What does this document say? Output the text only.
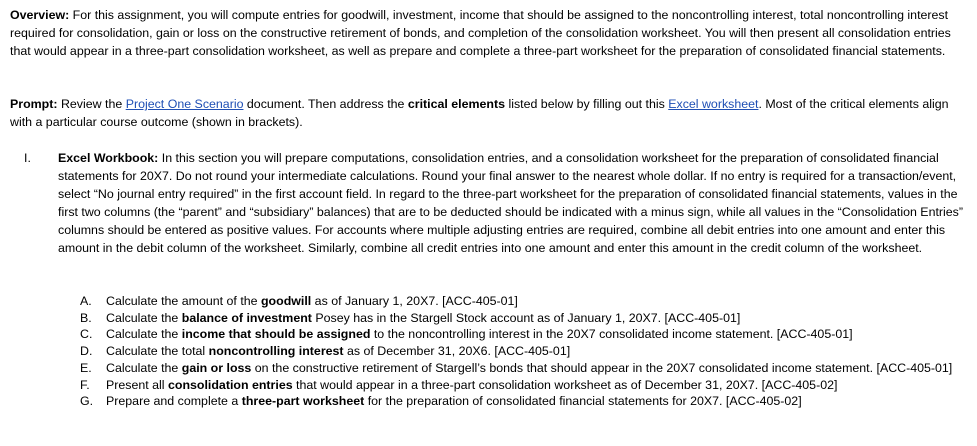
Overview: For this assignment, you will compute entries for goodwill, investment, income that should be assigned to the noncontrolling interest, total noncontrolling interest required for consolidation, gain or loss on the constructive retirement of bonds, and completion of the consolidation worksheet. You will then present all consolidation entries that would appear in a three-part consolidation worksheet, as well as prepare and complete a three-part worksheet for the preparation of consolidated financial statements.

Prompt: Review the Project One Scenario document. Then address the critical elements listed below by filling out this Excel worksheet. Most of the critical elements align with a particular course outcome (shown in brackets).

I. Excel Workbook: In this section you will prepare computations, consolidation entries, and a consolidation worksheet for the preparation of consolidated financial statements for 20X7. Do not round your intermediate calculations. Round your final answer to the nearest whole dollar. If no entry is required for a transaction/event, select “No journal entry required” in the first account field. In regard to the three-part worksheet for the preparation of consolidated financial statements, values in the first two columns (the “parent” and “subsidiary” balances) that are to be deducted should be indicated with a minus sign, while all values in the “Consolidation Entries” columns should be entered as positive values. For accounts where multiple adjusting entries are required, combine all debit entries into one amount and enter this amount in the debit column of the worksheet. Similarly, combine all credit entries into one amount and enter this amount in the credit column of the worksheet.
A. Calculate the amount of the goodwill as of January 1, 20X7. [ACC-405-01]
B. Calculate the balance of investment Posey has in the Stargell Stock account as of January 1, 20X7. [ACC-405-01]
C. Calculate the income that should be assigned to the noncontrolling interest in the 20X7 consolidated income statement. [ACC-405-01]
D. Calculate the total noncontrolling interest as of December 31, 20X6. [ACC-405-01]
E. Calculate the gain or loss on the constructive retirement of Stargell’s bonds that should appear in the 20X7 consolidated income statement. [ACC-405-01]
F. Present all consolidation entries that would appear in a three-part consolidation worksheet as of December 31, 20X7. [ACC-405-02]
G. Prepare and complete a three-part worksheet for the preparation of consolidated financial statements for 20X7. [ACC-405-02]
